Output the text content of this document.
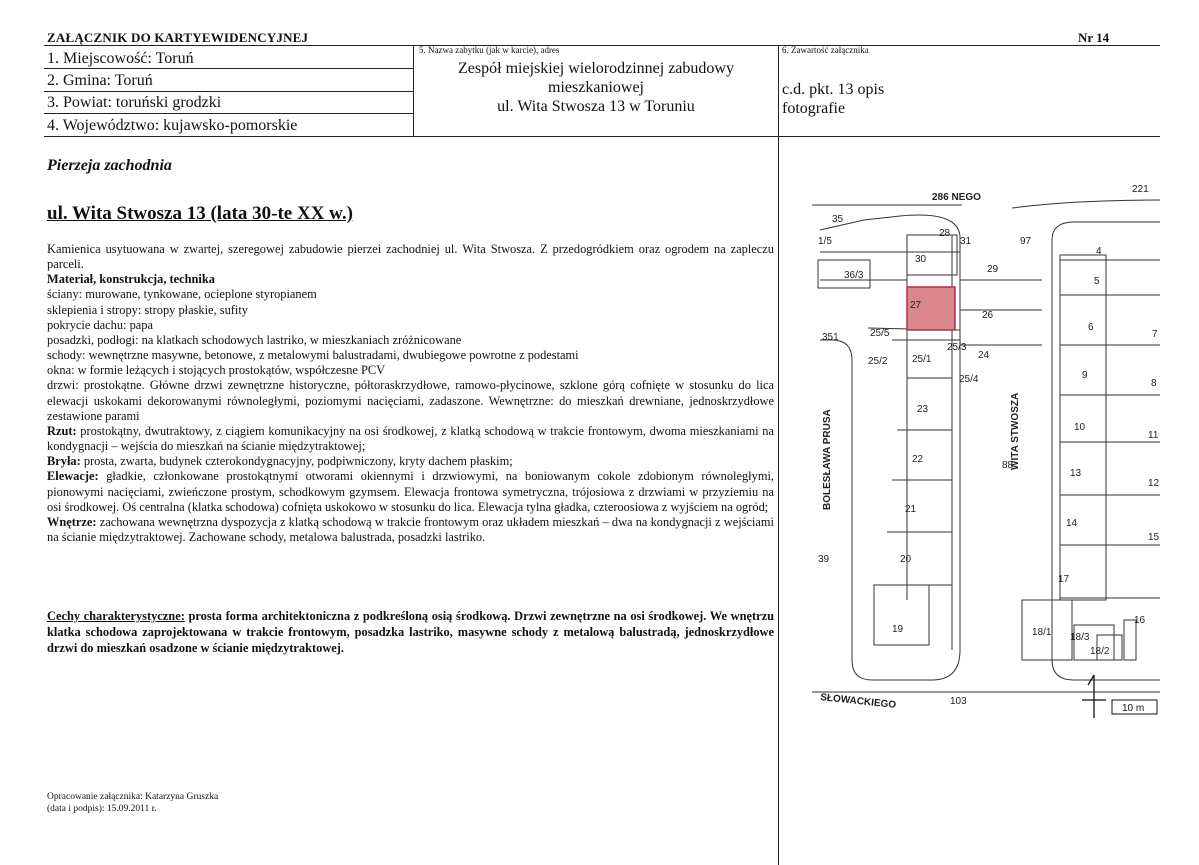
ZAŁĄCZNIK DO KARTYEWIDENCYJNEJ	Nr 14
1. Miejscowość: Toruń
2. Gmina: Toruń
3. Powiat: toruński grodzki
4. Województwo: kujawsko-pomorskie
5. Nazwa zabytku (jak w karcie), adres
Zespół miejskiej wielorodzinnej zabudowy
mieszkaniowej
ul. Wita Stwosza 13 w Toruniu
6. Zawartość załącznika
c.d. pkt. 13 opis
fotografie
Pierzeja zachodnia
ul. Wita Stwosza 13 (lata 30-te XX w.)

Kamienica usytuowana w zwartej, szeregowej zabudowie pierzei zachodniej ul. Wita Stwosza. Z przedogródkiem oraz ogrodem na zapleczu parceli.

Materiał, konstrukcja, technika

ściany: murowane, tynkowane, ocieplone styropianem

sklepienia i stropy: stropy płaskie, sufity

pokrycie dachu: papa

posadzki, podłogi: na klatkach schodowych lastriko, w mieszkaniach zróżnicowane

schody: wewnętrzne masywne, betonowe, z metalowymi balustradami, dwubiegowe powrotne z podestami

okna: w formie leżących i stojących prostokątów, współczesne PCV

drzwi: prostokątne. Główne drzwi zewnętrzne historyczne, półtoraskrzydłowe, ramowo-płycinowe, szklone górą cofnięte w stosunku do lica elewacji uskokami dekorowanymi równoległymi, poziomymi nacięciami, zadaszone. Wewnętrzne: do mieszkań drewniane, jednoskrzydłowe zestawione parami

Rzut: prostokątny, dwutraktowy, z ciągiem komunikacyjny na osi środkowej, z klatką schodową w trakcie frontowym, dwoma mieszkaniami na kondygnacji – wejścia do mieszkań na ścianie międzytraktowej;

Bryła: prosta, zwarta, budynek czterokondygnacyjny, podpiwniczony, kryty dachem płaskim;

Elewacje: gładkie, członkowane prostokątnymi otworami okiennymi i drzwiowymi, na boniowanym cokole zdobionym równoległymi, pionowymi nacięciami, zwieńczone prostym, schodkowym gzymsem. Elewacja frontowa symetryczna, trójosiowa z drzwiami w przyziemiu na osi środkowej. Oś centralna (klatka schodowa) cofnięta uskokowo w stosunku do lica. Elewacja tylna gładka, czteroosiowa z wyjściem na ogród;

Wnętrze: zachowana wewnętrzna dyspozycja z klatką schodową w trakcie frontowym oraz układem mieszkań – dwa na kondygnacji z wejściami na ścianie międzytraktowej. Zachowane schody, metalowa balustrada, posadzki lastriko.

Cechy charakterystyczne: prosta forma architektoniczna z podkreśloną osią środkową. Drzwi zewnętrzne na osi środkowej. We wnętrzu klatka schodowa zaprojektowana w trakcie frontowym, posadzka lastriko, masywne schody z metalową balustradą, jednoskrzydłowe drzwi do mieszkań osadzone w ścianie międzytraktowej.
Opracowanie załącznika: Katarzyna Gruszka
(data i podpis): 15.09.2011 r.
35
1/5
36/3
28
31	97
4
30
29
5
27
26
6
351	25/5
25/2 25/1
25/3
24
25/4
7
9
8
23
10
11
22
88
13
12
21
14
15
39	20
17
19	18/1 18/3
18/2
16
103
221
286 NEGO
SŁOWACKIEGO
BOLESŁAWA PRUSA	WITA STWOSZA
10 m
